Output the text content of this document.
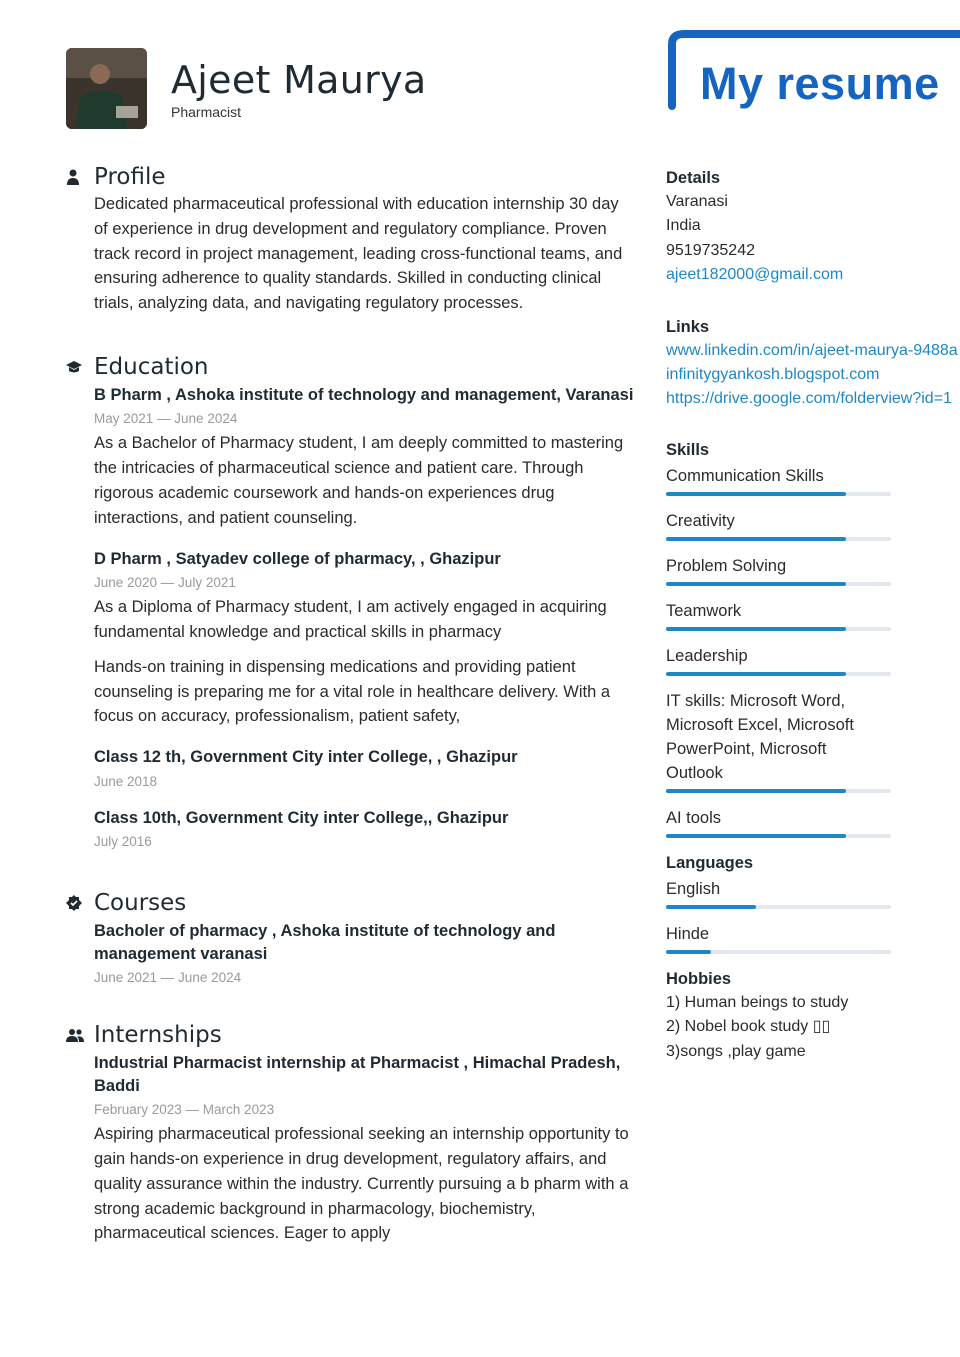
Ajeet Maurya
Pharmacist
My resume
Profile
Dedicated pharmaceutical professional with education internship 30 day of experience in drug development and regulatory compliance. Proven track record in project management, leading cross-functional teams, and ensuring adherence to quality standards. Skilled in conducting clinical trials, analyzing data, and navigating regulatory processes.
Education
B Pharm , Ashoka institute of technology and management, Varanasi
May 2021 — June 2024
As a Bachelor of Pharmacy student, I am deeply committed to mastering the intricacies of pharmaceutical science and patient care. Through rigorous academic coursework and hands-on experiences drug interactions, and patient counseling.
D Pharm , Satyadev college of pharmacy, , Ghazipur
June 2020 — July 2021
As a Diploma of Pharmacy student, I am actively engaged in acquiring fundamental knowledge and practical skills in pharmacy
Hands-on training in dispensing medications and providing patient counseling is preparing me for a vital role in healthcare delivery. With a focus on accuracy, professionalism, patient safety,
Class 12 th, Government City inter College, , Ghazipur
June 2018
Class 10th, Government City inter College,, Ghazipur
July 2016
Courses
Bacholer of pharmacy , Ashoka institute of technology and management varanasi
June 2021 — June 2024
Internships
Industrial Pharmacist internship at Pharmacist , Himachal Pradesh, Baddi
February 2023 — March 2023
Aspiring pharmaceutical professional seeking an internship opportunity to gain hands-on experience in drug development, regulatory affairs, and quality assurance within the industry. Currently pursuing a b pharm with a strong academic background in pharmacology, biochemistry, pharmaceutical sciences. Eager to apply
Details
Varanasi
India
9519735242
ajeet182000@gmail.com
Links
www.linkedin.com/in/ajeet-maurya-9488a
infinitygyankosh.blogspot.com
https://drive.google.com/folderview?id=1
Skills
Communication Skills
Creativity
Problem Solving
Teamwork
Leadership
IT skills: Microsoft Word, Microsoft Excel, Microsoft PowerPoint, Microsoft Outlook
AI tools
Languages
English
Hinde
Hobbies
1) Human beings to study
2) Nobel book study ▯▯
3)songs ,play game
